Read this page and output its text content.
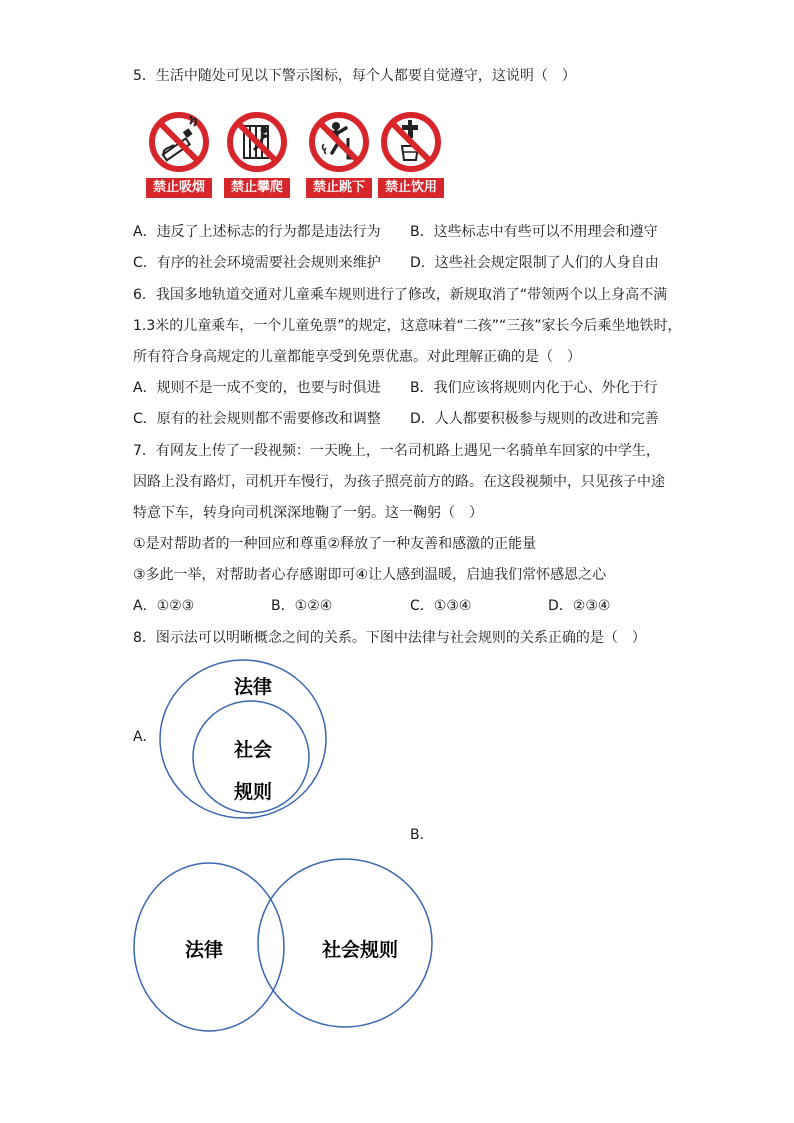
5．生活中随处可见以下警示图标，每个人都要自觉遵守，这说明（　）
禁止吸烟	禁止攀爬	禁止跳下	禁止饮用
A．违反了上述标志的行为都是违法行为 B．这些标志中有些可以不用理会和遵守
C．有序的社会环境需要社会规则来维护 D．这些社会规定限制了人们的人身自由
6．我国多地轨道交通对儿童乘车规则进行了修改，新规取消了“带领两个以上身高不满
1.3米的儿童乘车，一个儿童免票”的规定，这意味着“二孩”“三孩”家长今后乘坐地铁时，
所有符合身高规定的儿童都能享受到免票优惠。对此理解正确的是（　）
A．规则不是一成不变的，也要与时俱进 B．我们应该将规则内化于心、外化于行
C．原有的社会规则都不需要修改和调整 D．人人都要积极参与规则的改进和完善
7．有网友上传了一段视频：一天晚上，一名司机路上遇见一名骑单车回家的中学生，
因路上没有路灯，司机开车慢行，为孩子照亮前方的路。在这段视频中，只见孩子中途
特意下车，转身向司机深深地鞠了一躬。这一鞠躬（　）
①是对帮助者的一种回应和尊重②释放了一种友善和感激的正能量
③多此一举，对帮助者心存感谢即可④让人感到温暖，启迪我们常怀感恩之心
A．①②③	B．①②④	C．①③④	D．②③④
8．图示法可以明晰概念之间的关系。下图中法律与社会规则的关系正确的是（　）
A．
法律
社会
规则
B．
法律	社会规则
